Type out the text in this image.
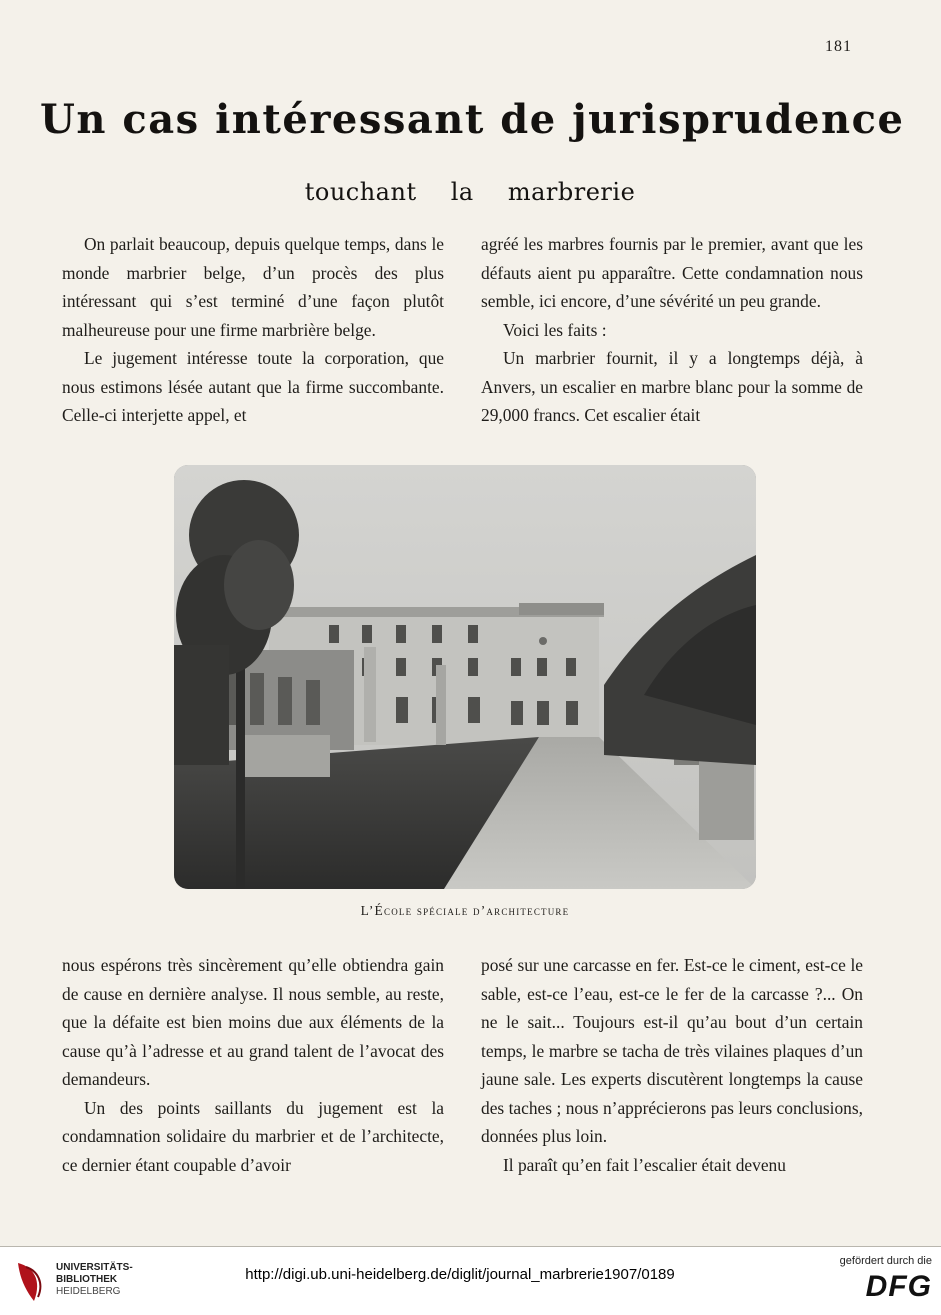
181
Un cas intéressant de jurisprudence
touchant la marbrerie

On parlait beaucoup, depuis quelque temps, dans le monde marbrier belge, d’un procès des plus intéressant qui s’est terminé d’une façon plutôt malheureuse pour une firme marbrière belge.

Le jugement intéresse toute la corporation, que nous estimons lésée autant que la firme succombante. Celle-ci interjette appel, et

agréé les marbres fournis par le premier, avant que les défauts aient pu apparaître. Cette condamnation nous semble, ici encore, d’une sévérité un peu grande.

Voici les faits :

Un marbrier fournit, il y a longtemps déjà, à Anvers, un escalier en marbre blanc pour la somme de 29,000 francs. Cet escalier était

L’École spéciale d’architecture

nous espérons très sincèrement qu’elle obtiendra gain de cause en dernière analyse. Il nous semble, au reste, que la défaite est bien moins due aux éléments de la cause qu’à l’adresse et au grand talent de l’avocat des demandeurs.

Un des points saillants du jugement est la condamnation solidaire du marbrier et de l’architecte, ce dernier étant coupable d’avoir

posé sur une carcasse en fer. Est-ce le ciment, est-ce le sable, est-ce l’eau, est-ce le fer de la carcasse ?... On ne le sait... Toujours est-il qu’au bout d’un certain temps, le marbre se tacha de très vilaines plaques d’un jaune sale. Les experts discutèrent longtemps la cause des taches ; nous n’apprécierons pas leurs conclusions, données plus loin.

Il paraît qu’en fait l’escalier était devenu

UNIVERSITÄTS-
BIBLIOTHEK
HEIDELBERG
http://digi.ub.uni-heidelberg.de/diglit/journal_marbrerie1907/0189
gefördert durch die
DFG
